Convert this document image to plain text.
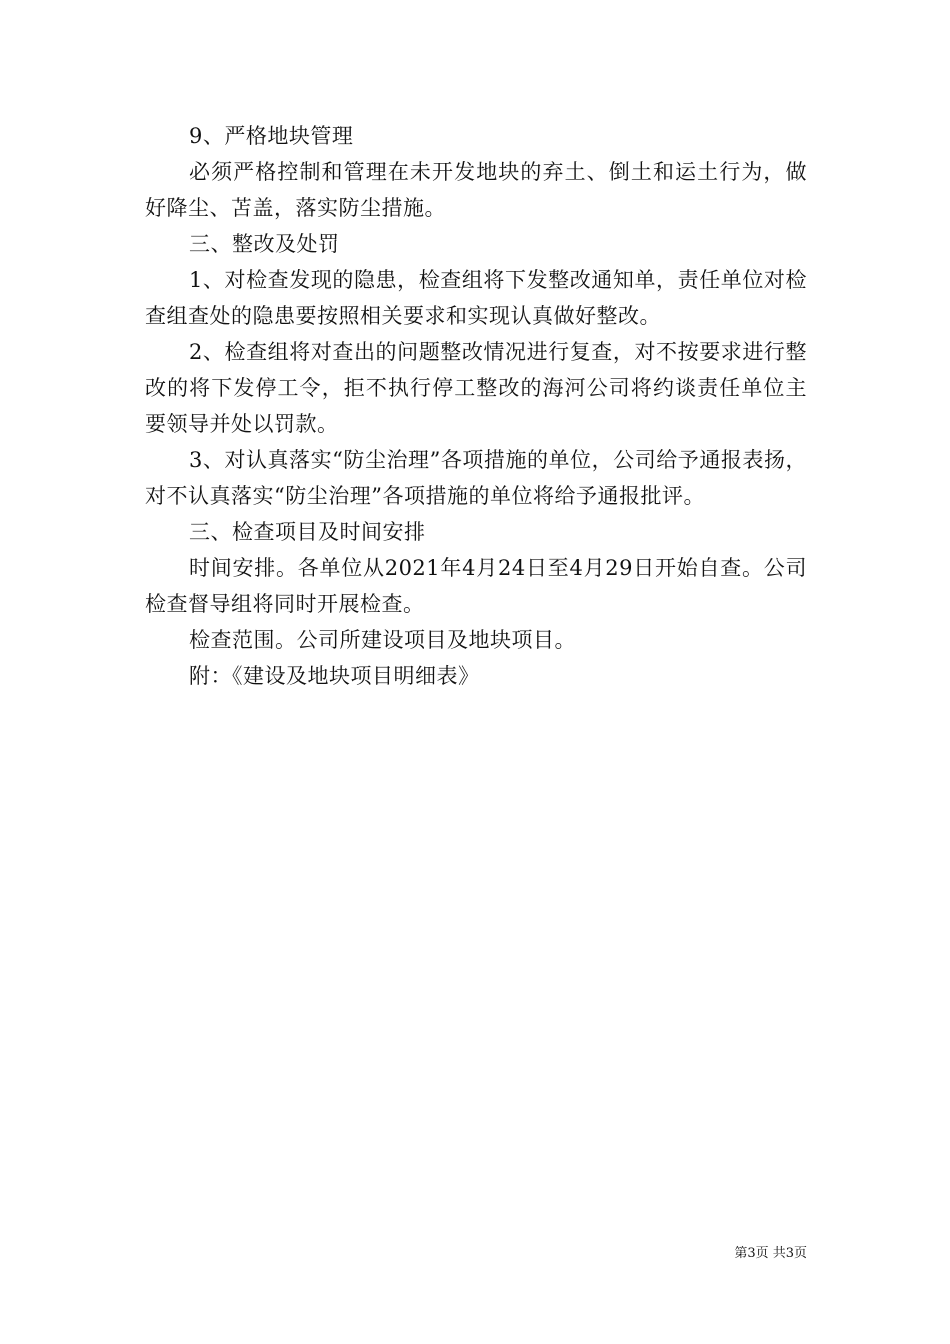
9、严格地块管理

必须严格控制和管理在未开发地块的弃土、倒土和运土行为，做好降尘、苫盖，落实防尘措施。

三、整改及处罚

1、对检查发现的隐患，检查组将下发整改通知单，责任单位对检查组查处的隐患要按照相关要求和实现认真做好整改。

2、检查组将对查出的问题整改情况进行复查，对不按要求进行整改的将下发停工令，拒不执行停工整改的海河公司将约谈责任单位主要领导并处以罚款。

3、对认真落实“防尘治理”各项措施的单位，公司给予通报表扬，对不认真落实“防尘治理”各项措施的单位将给予通报批评。

三、检查项目及时间安排

时间安排。各单位从2021年4月24日至4月29日开始自查。公司检查督导组将同时开展检查。

检查范围。公司所建设项目及地块项目。

附：《建设及地块项目明细表》

第3页 共3页
